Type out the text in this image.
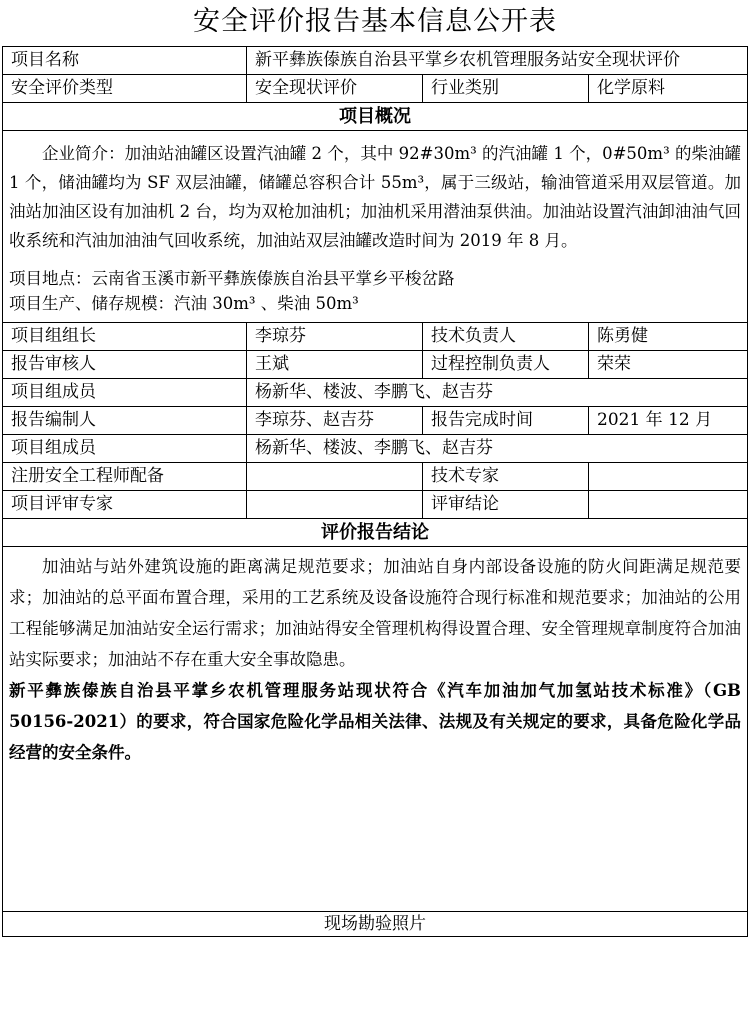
安全评价报告基本信息公开表
项目名称	新平彝族傣族自治县平掌乡农机管理服务站安全现状评价		
安全评价类型	安全现状评价	行业类别	化学原料
项目概况			

企业简介：加油站油罐区设置汽油罐 2 个，其中 92#30m³ 的汽油罐 1 个，0#50m³ 的柴油罐 1 个，储油罐均为 SF 双层油罐，储罐总容积合计 55m³，属于三级站，输油管道采用双层管道。加油站加油区设有加油机 2 台，均为双枪加油机；加油机采用潜油泵供油。加油站设置汽油卸油油气回收系统和汽油加油油气回收系统，加油站双层油罐改造时间为 2019 年 8 月。

项目地点：云南省玉溪市新平彝族傣族自治县平掌乡平梭岔路

项目生产、储存规模：汽油 30m³ 、柴油 50m³			

项目组组长	李琼芬	技术负责人	陈勇健
报告审核人	王斌	过程控制负责人	荣荣
项目组成员	杨新华、楼波、李鹏飞、赵吉芬		
报告编制人	李琼芬、赵吉芬	报告完成时间	2021 年 12 月
项目组成员	杨新华、楼波、李鹏飞、赵吉芬		
注册安全工程师配备		技术专家	
项目评审专家		评审结论	
评价报告结论			

加油站与站外建筑设施的距离满足规范要求；加油站自身内部设备设施的防火间距满足规范要求；加油站的总平面布置合理，采用的工艺系统及设备设施符合现行标准和规范要求；加油站的公用工程能够满足加油站安全运行需求；加油站得安全管理机构得设置合理、安全管理规章制度符合加油站实际要求；加油站不存在重大安全事故隐患。

新平彝族傣族自治县平掌乡农机管理服务站现状符合《汽车加油加气加氢站技术标准》（GB 50156-2021）的要求，符合国家危险化学品相关法律、法规及有关规定的要求，具备危险化学品经营的安全条件。			

现场勘验照片			
